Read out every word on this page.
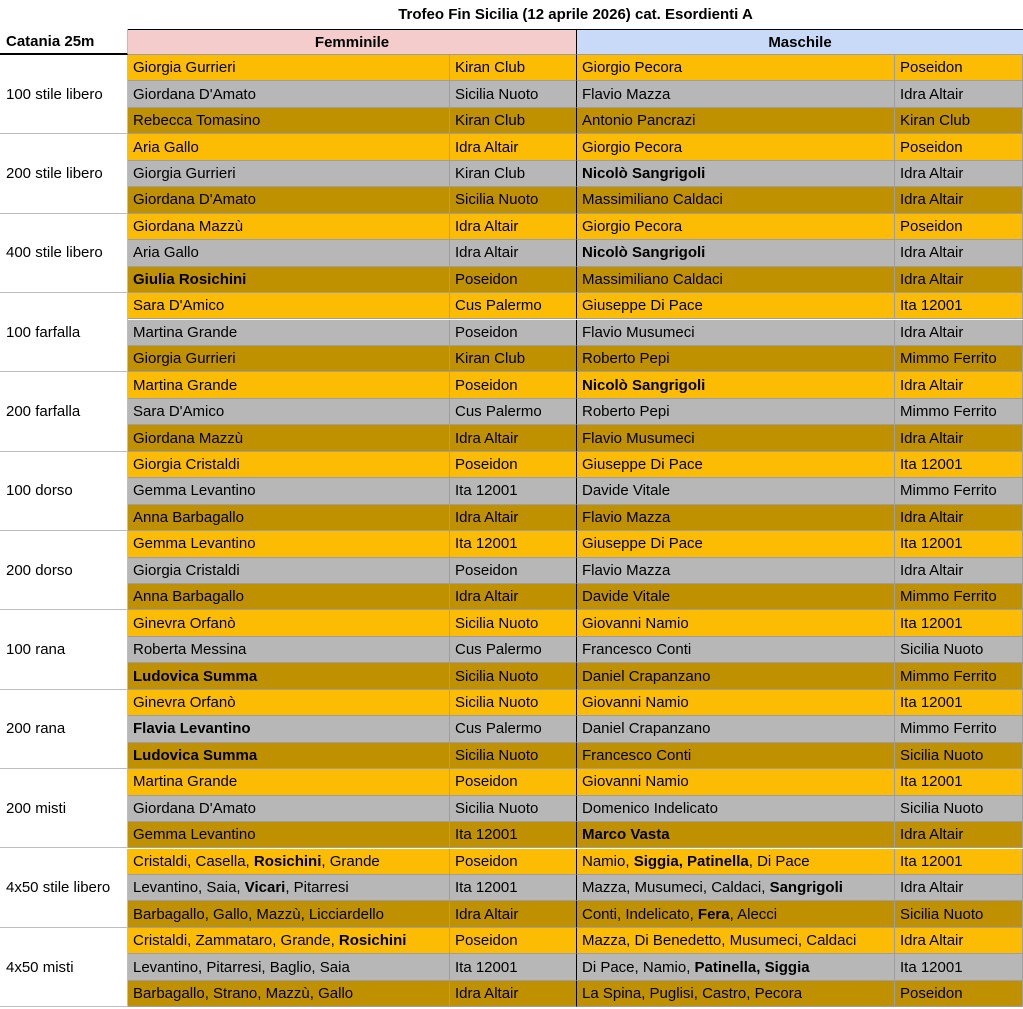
Trofeo Fin Sicilia (12 aprile 2026) cat. Esordienti A
Catania 25m	Femminile	Maschile
100 stile libero
Giorgia Gurrieri	Kiran Club	Giorgio Pecora	Poseidon
Giordana D'Amato	Sicilia Nuoto	Flavio Mazza	Idra Altair
Rebecca Tomasino	Kiran Club	Antonio Pancrazi	Kiran Club
200 stile libero
Aria Gallo	Idra Altair	Giorgio Pecora	Poseidon
Giorgia Gurrieri	Kiran Club	Nicolò Sangrigoli	Idra Altair
Giordana D'Amato	Sicilia Nuoto	Massimiliano Caldaci	Idra Altair
400 stile libero
Giordana Mazzù	Idra Altair	Giorgio Pecora	Poseidon
Aria Gallo	Idra Altair	Nicolò Sangrigoli	Idra Altair
Giulia Rosichini	Poseidon	Massimiliano Caldaci	Idra Altair
100 farfalla
Sara D'Amico	Cus Palermo	Giuseppe Di Pace	Ita 12001
Martina Grande	Poseidon	Flavio Musumeci	Idra Altair
Giorgia Gurrieri	Kiran Club	Roberto Pepi	Mimmo Ferrito
200 farfalla
Martina Grande	Poseidon	Nicolò Sangrigoli	Idra Altair
Sara D'Amico	Cus Palermo	Roberto Pepi	Mimmo Ferrito
Giordana Mazzù	Idra Altair	Flavio Musumeci	Idra Altair
100 dorso
Giorgia Cristaldi	Poseidon	Giuseppe Di Pace	Ita 12001
Gemma Levantino	Ita 12001	Davide Vitale	Mimmo Ferrito
Anna Barbagallo	Idra Altair	Flavio Mazza	Idra Altair
200 dorso
Gemma Levantino	Ita 12001	Giuseppe Di Pace	Ita 12001
Giorgia Cristaldi	Poseidon	Flavio Mazza	Idra Altair
Anna Barbagallo	Idra Altair	Davide Vitale	Mimmo Ferrito
100 rana
Ginevra Orfanò	Sicilia Nuoto	Giovanni Namio	Ita 12001
Roberta Messina	Cus Palermo	Francesco Conti	Sicilia Nuoto
Ludovica Summa	Sicilia Nuoto	Daniel Crapanzano	Mimmo Ferrito
200 rana
Ginevra Orfanò	Sicilia Nuoto	Giovanni Namio	Ita 12001
Flavia Levantino	Cus Palermo	Daniel Crapanzano	Mimmo Ferrito
Ludovica Summa	Sicilia Nuoto	Francesco Conti	Sicilia Nuoto
200 misti
Martina Grande	Poseidon	Giovanni Namio	Ita 12001
Giordana D'Amato	Sicilia Nuoto	Domenico Indelicato	Sicilia Nuoto
Gemma Levantino	Ita 12001	Marco Vasta	Idra Altair
4x50 stile libero
Cristaldi, Casella, Rosichini , Grande	Poseidon	Namio, Siggia, Patinella , Di Pace	Ita 12001
Levantino, Saia, Vicari , Pitarresi	Ita 12001	Mazza, Musumeci, Caldaci, Sangrigoli	Idra Altair
Barbagallo, Gallo, Mazzù, Licciardello	Idra Altair	Conti, Indelicato, Fera , Alecci	Sicilia Nuoto
4x50 misti
Cristaldi, Zammataro, Grande, Rosichini	Poseidon	Mazza, Di Benedetto, Musumeci, Caldaci	Idra Altair
Levantino, Pitarresi, Baglio, Saia	Ita 12001	Di Pace, Namio, Patinella, Siggia	Ita 12001
Barbagallo, Strano, Mazzù, Gallo	Idra Altair	La Spina, Puglisi, Castro, Pecora	Poseidon
